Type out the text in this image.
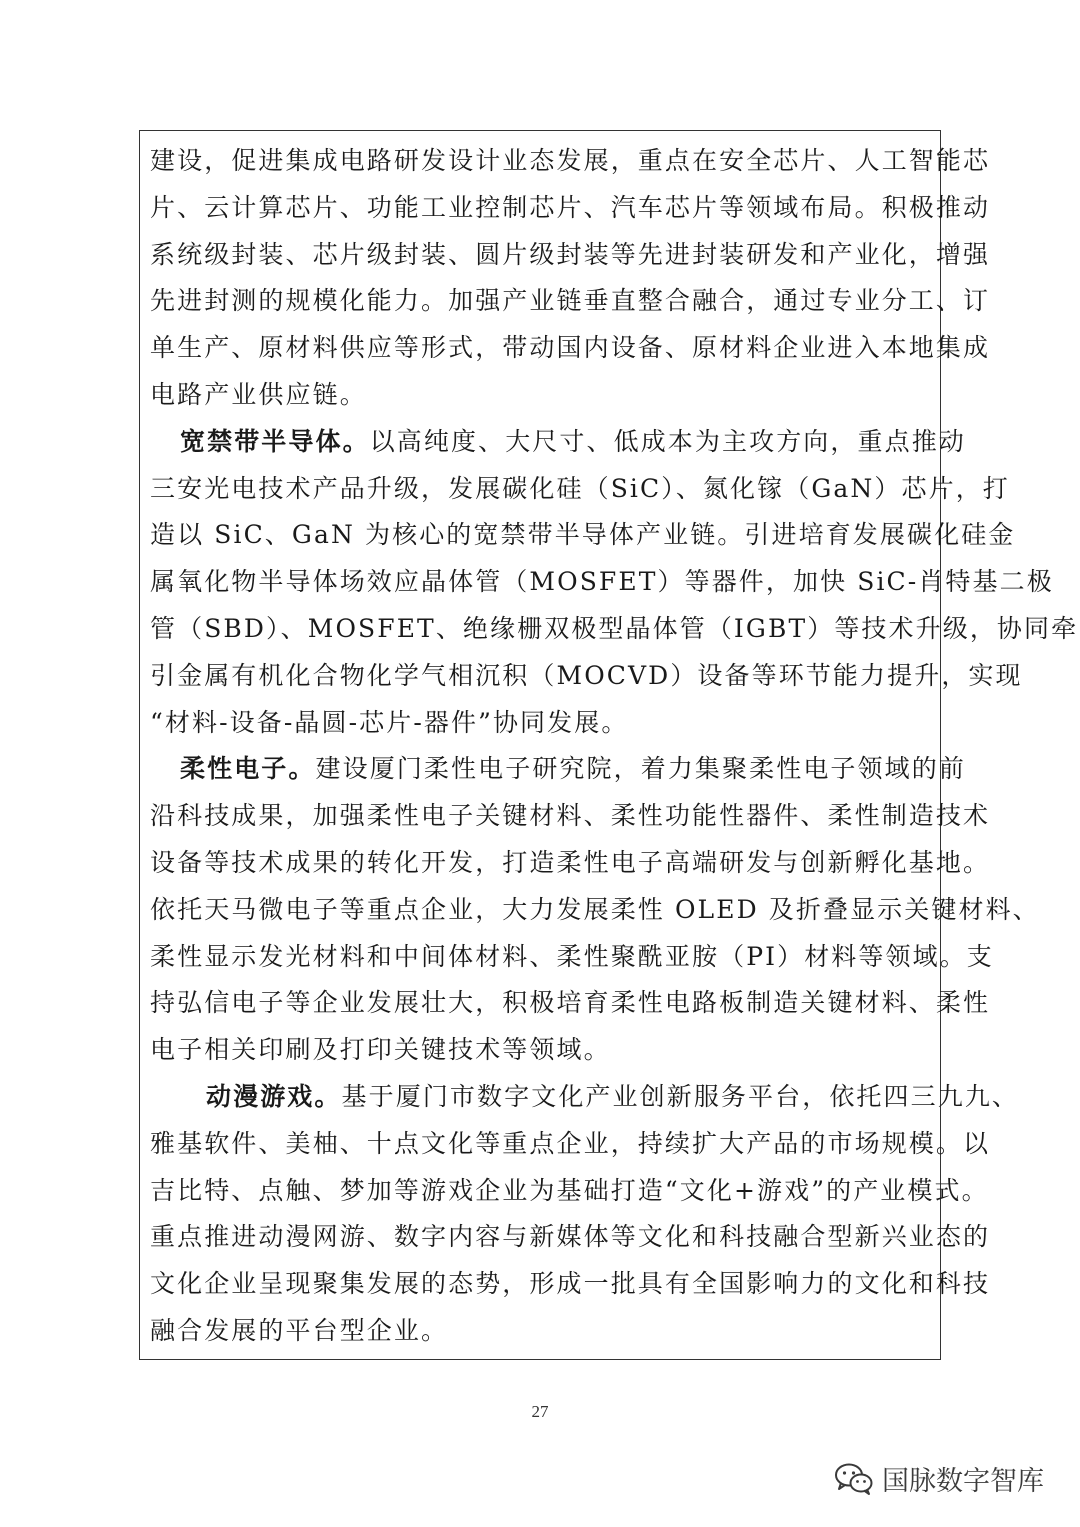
建设，促进集成电路研发设计业态发展，重点在安全芯片、人工智能芯
片、云计算芯片、功能工业控制芯片、汽车芯片等领域布局。积极推动
系统级封装、芯片级封装、圆片级封装等先进封装研发和产业化，增强
先进封测的规模化能力。加强产业链垂直整合融合，通过专业分工、订
单生产、原材料供应等形式，带动国内设备、原材料企业进入本地集成
电路产业供应链。
宽禁带半导体。以高纯度、大尺寸、低成本为主攻方向，重点推动
三安光电技术产品升级，发展碳化硅（SiC）、氮化镓（GaN）芯片，打
造以 SiC、GaN 为核心的宽禁带半导体产业链。引进培育发展碳化硅金
属氧化物半导体场效应晶体管（MOSFET）等器件，加快 SiC-肖特基二极
管（SBD）、MOSFET、绝缘栅双极型晶体管（IGBT）等技术升级，协同牵
引金属有机化合物化学气相沉积（MOCVD）设备等环节能力提升，实现
“材料-设备-晶圆-芯片-器件”协同发展。
柔性电子。建设厦门柔性电子研究院，着力集聚柔性电子领域的前
沿科技成果，加强柔性电子关键材料、柔性功能性器件、柔性制造技术
设备等技术成果的转化开发，打造柔性电子高端研发与创新孵化基地。
依托天马微电子等重点企业，大力发展柔性 OLED 及折叠显示关键材料、
柔性显示发光材料和中间体材料、柔性聚酰亚胺（PI）材料等领域。支
持弘信电子等企业发展壮大，积极培育柔性电路板制造关键材料、柔性
电子相关印刷及打印关键技术等领域。
动漫游戏。基于厦门市数字文化产业创新服务平台，依托四三九九、
雅基软件、美柚、十点文化等重点企业，持续扩大产品的市场规模。以
吉比特、点触、梦加等游戏企业为基础打造“文化+游戏”的产业模式。
重点推进动漫网游、数字内容与新媒体等文化和科技融合型新兴业态的
文化企业呈现聚集发展的态势，形成一批具有全国影响力的文化和科技
融合发展的平台型企业。
27
国脉数字智库
